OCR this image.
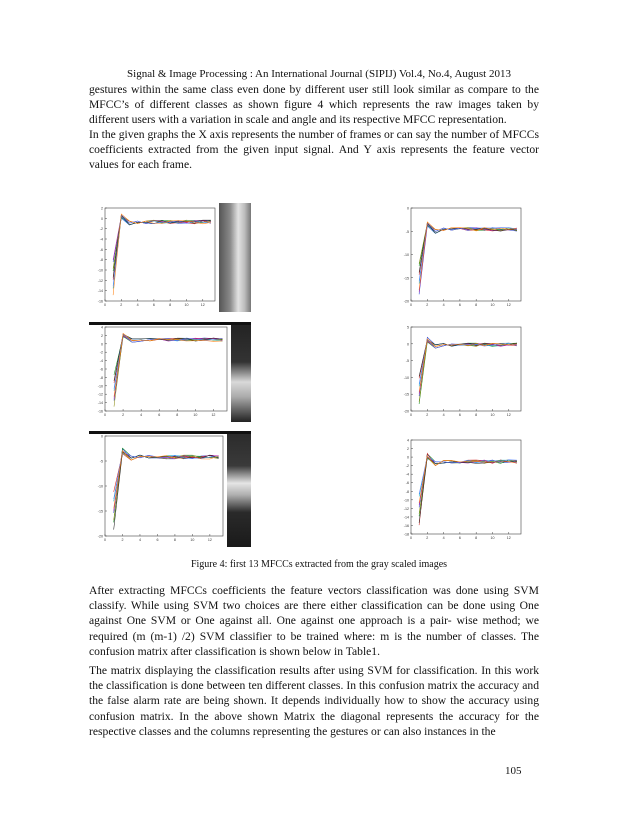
Signal & Image Processing : An International Journal (SIPIJ) Vol.4, No.4, August 2013

gestures within the same class even done by different user still look similar as compare to the MFCC’s of different classes as shown figure 4 which represents the raw images taken by different users with a variation in scale and angle and its respective MFCC representation.

In the given graphs the X axis represents the number of frames or can say the number of MFCCs coefficients extracted from the given input signal. And Y axis represents the feature vector values for each frame.

2
0
-2
-4
-6
-8
-10
-12
-14
-16
0	2	4	6	8	10	12
0
-5
-10
-15
-20
0	2	4	6	8	10	12
4
2
0
-2
-4
-6
-8
-10
-12
-14
-16
0	2	4	6	8	10	12
5
0
-5
-10
-15
-20
0	2	4	6	8	10	12
0
-5
-10
-15
-20
0	2	4	6	8	10	12
4
2
0
-2
-4
-6
-8
-10
-12
-14
-16
-18
0	2	4	6	8	10	12
Figure 4: first 13 MFCCs extracted from the gray scaled images

After extracting MFCCs coefficients the feature vectors classification was done using SVM classify. While using SVM two choices are there either classification can be done using One against One SVM or One against all. One against one approach is a pair- wise method; we required (m (m-1) /2) SVM classifier to be trained where: m is the number of classes. The confusion matrix after classification is shown below in Table1.

The matrix displaying the classification results after using SVM for classification. In this work the classification is done between ten different classes. In this confusion matrix the accuracy and the false alarm rate are being shown. It depends individually how to show the accuracy using confusion matrix. In the above shown Matrix the diagonal represents the accuracy for the respective classes and the columns representing the gestures or can also instances in the

105
